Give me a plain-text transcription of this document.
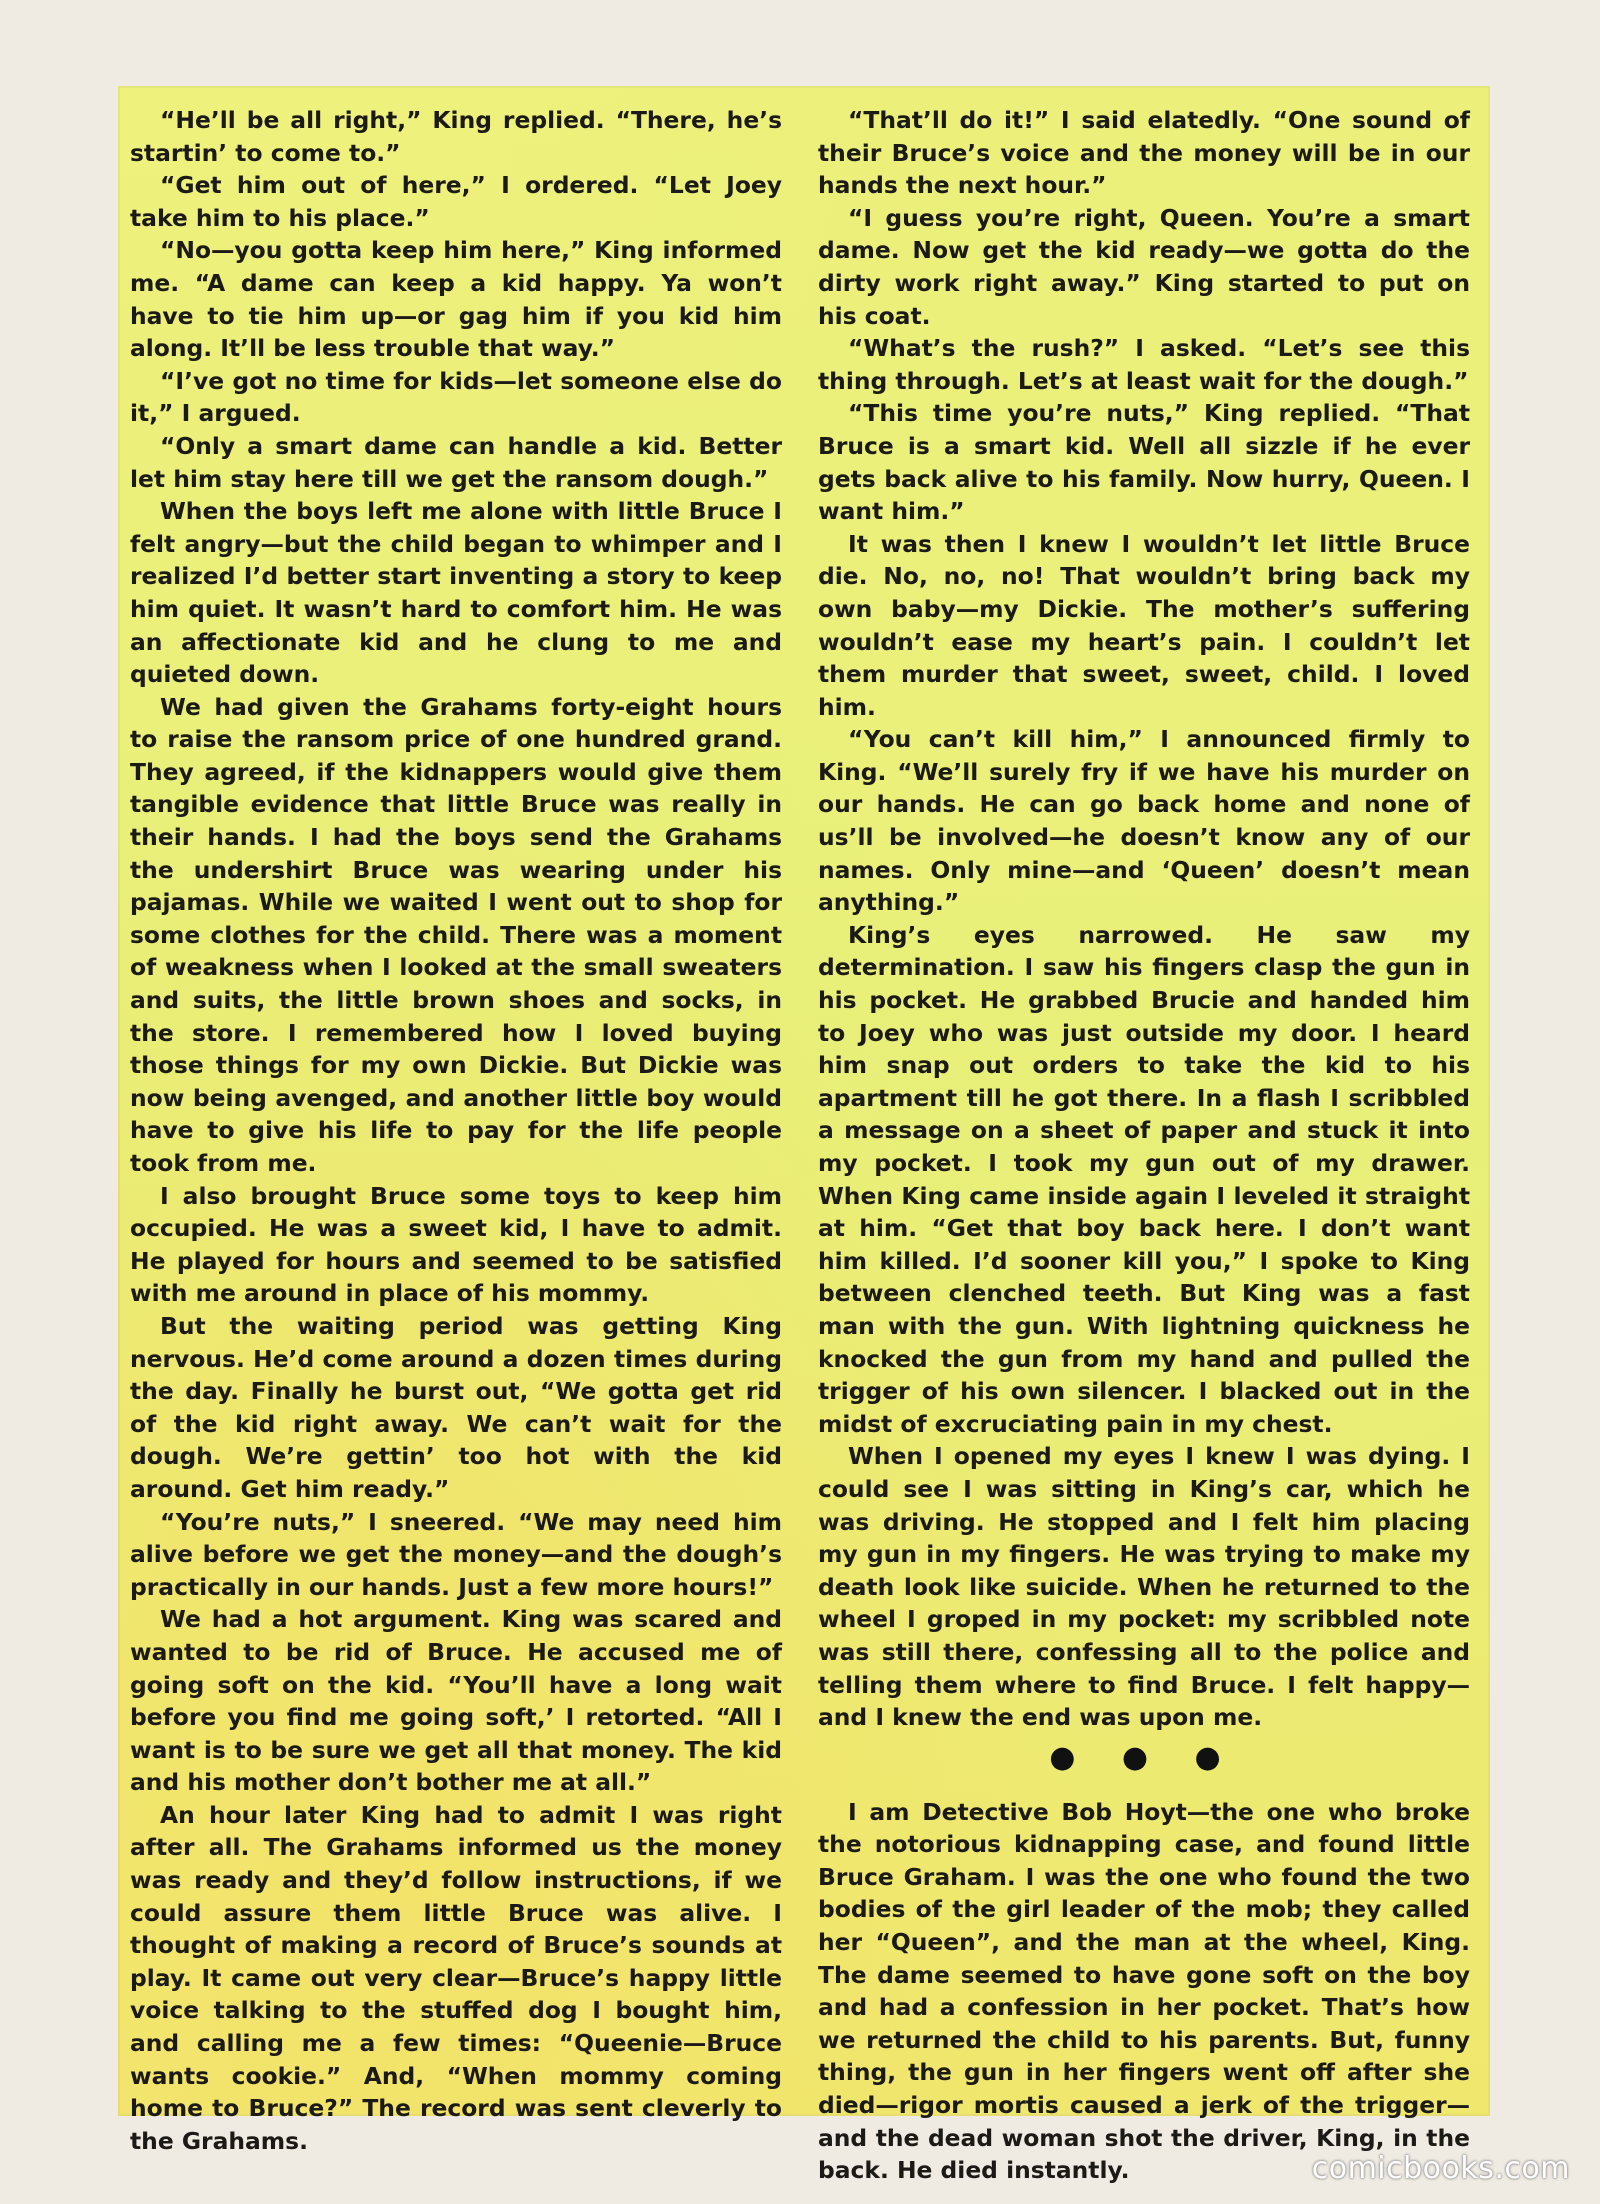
“He’ll be all right,” King replied. “There, he’s startin’ to come to.”

“Get him out of here,” I ordered. “Let Joey take him to his place.”

“No—you gotta keep him here,” King informed me. “A dame can keep a kid happy. Ya won’t have to tie him up—or gag him if you kid him along. It’ll be less trouble that way.”

“I’ve got no time for kids—let someone else do it,” I argued.

“Only a smart dame can handle a kid. Better let him stay here till we get the ransom dough.”

When the boys left me alone with little Bruce I felt angry—but the child began to whimper and I realized I’d better start inventing a story to keep him quiet. It wasn’t hard to comfort him. He was an affectionate kid and he clung to me and quieted down.

We had given the Grahams forty-eight hours to raise the ransom price of one hundred grand. They agreed, if the kidnappers would give them tangible evidence that little Bruce was really in their hands. I had the boys send the Grahams the undershirt Bruce was wearing under his pajamas. While we waited I went out to shop for some clothes for the child. There was a moment of weakness when I looked at the small sweaters and suits, the little brown shoes and socks, in the store. I remembered how I loved buying those things for my own Dickie. But Dickie was now being avenged, and another little boy would have to give his life to pay for the life people took from me.

I also brought Bruce some toys to keep him occupied. He was a sweet kid, I have to admit. He played for hours and seemed to be satisfied with me around in place of his mommy.

But the waiting period was getting King nervous. He’d come around a dozen times during the day. Finally he burst out, “We gotta get rid of the kid right away. We can’t wait for the dough. We’re gettin’ too hot with the kid around. Get him ready.”

“You’re nuts,” I sneered. “We may need him alive before we get the money—and the dough’s practically in our hands. Just a few more hours!”

We had a hot argument. King was scared and wanted to be rid of Bruce. He accused me of going soft on the kid. “You’ll have a long wait before you find me going soft,’ I retorted. “All I want is to be sure we get all that money. The kid and his mother don’t bother me at all.”

An hour later King had to admit I was right after all. The Grahams informed us the money was ready and they’d follow instructions, if we could assure them little Bruce was alive. I thought of making a record of Bruce’s sounds at play. It came out very clear—Bruce’s happy little voice talking to the stuffed dog I bought him, and calling me a few times: “Queenie—Bruce wants cookie.” And, “When mommy coming home to Bruce?” The record was sent cleverly to the Grahams.

“That’ll do it!” I said elatedly. “One sound of their Bruce’s voice and the money will be in our hands the next hour.”

“I guess you’re right, Queen. You’re a smart dame. Now get the kid ready—we gotta do the dirty work right away.” King started to put on his coat.

“What’s the rush?” I asked. “Let’s see this thing through. Let’s at least wait for the dough.”

“This time you’re nuts,” King replied. “That Bruce is a smart kid. Well all sizzle if he ever gets back alive to his family. Now hurry, Queen. I want him.”

It was then I knew I wouldn’t let little Bruce die. No, no, no! That wouldn’t bring back my own baby—my Dickie. The mother’s suffering wouldn’t ease my heart’s pain. I couldn’t let them murder that sweet, sweet, child. I loved him.

“You can’t kill him,” I announced firmly to King. “We’ll surely fry if we have his murder on our hands. He can go back home and none of us’ll be involved—he doesn’t know any of our names. Only mine—and ‘Queen’ doesn’t mean anything.”

King’s eyes narrowed. He saw my determination. I saw his fingers clasp the gun in his pocket. He grabbed Brucie and handed him to Joey who was just outside my door. I heard him snap out orders to take the kid to his apartment till he got there. In a flash I scribbled a message on a sheet of paper and stuck it into my pocket. I took my gun out of my drawer. When King came inside again I leveled it straight at him. “Get that boy back here. I don’t want him killed. I’d sooner kill you,” I spoke to King between clenched teeth. But King was a fast man with the gun. With lightning quickness he knocked the gun from my hand and pulled the trigger of his own silencer. I blacked out in the midst of excruciating pain in my chest.

When I opened my eyes I knew I was dying. I could see I was sitting in King’s car, which he was driving. He stopped and I felt him placing my gun in my fingers. He was trying to make my death look like suicide. When he returned to the wheel I groped in my pocket: my scribbled note was still there, confessing all to the police and telling them where to find Bruce. I felt happy—and I knew the end was upon me.

● ● ●

I am Detective Bob Hoyt—the one who broke the notorious kidnapping case, and found little Bruce Graham. I was the one who found the two bodies of the girl leader of the mob; they called her “Queen”, and the man at the wheel, King. The dame seemed to have gone soft on the boy and had a confession in her pocket. That’s how we returned the child to his parents. But, funny thing, the gun in her fingers went off after she died—rigor mortis caused a jerk of the trigger—and the dead woman shot the driver, King, in the back. He died instantly.	comicbooks.com
